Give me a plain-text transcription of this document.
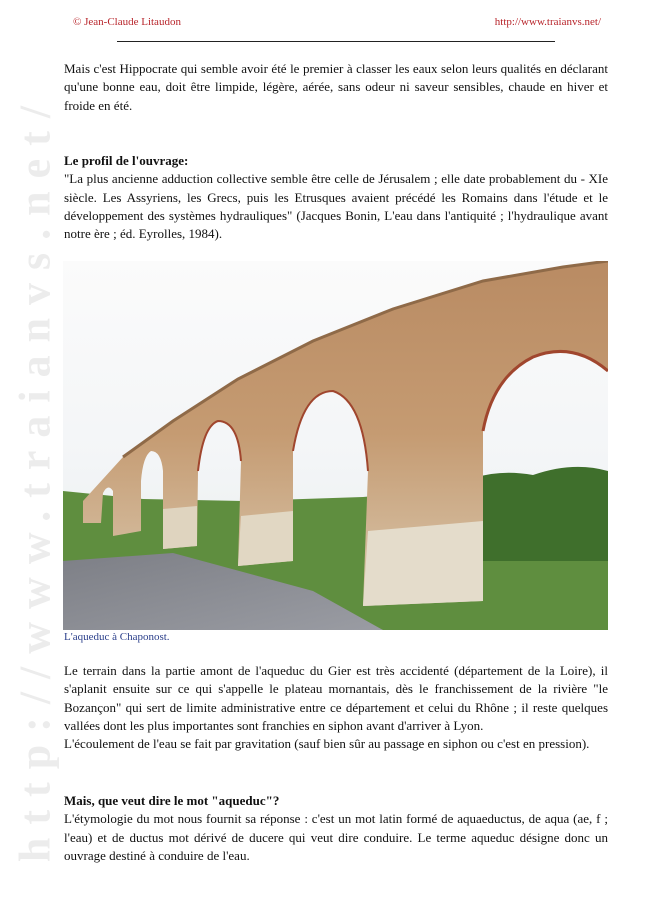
http://www.traianvs.net/
© Jean-Claude Litaudon	http://www.traianvs.net/

Mais c'est Hippocrate qui semble avoir été le premier à classer les eaux selon leurs qualités en déclarant qu'une bonne eau, doit être limpide, légère, aérée, sans odeur ni saveur sensibles, chaude en hiver et froide en été.

Le profil de l'ouvrage:

"La plus ancienne adduction collective semble être celle de Jérusalem ; elle date probablement du - XIe siècle. Les Assyriens, les Grecs, puis les Etrusques avaient précédé les Romains dans l'étude et le développement des systèmes hydrauliques" (Jacques Bonin, L'eau dans l'antiquité ; l'hydraulique avant notre ère ; éd. Eyrolles, 1984).

L'aqueduc à Chaponost.

Le terrain dans la partie amont de l'aqueduc du Gier est très accidenté (département de la Loire), il s'aplanit ensuite sur ce qui s'appelle le plateau mornantais, dès le franchissement de la rivière "le Bozançon" qui sert de limite administrative entre ce département et celui du Rhône ; il reste quelques vallées dont les plus importantes sont franchies en siphon avant d'arriver à Lyon.

L'écoulement de l'eau se fait par gravitation (sauf bien sûr au passage en siphon ou c'est en pression).

Mais, que veut dire le mot "aqueduc"?

L'étymologie du mot nous fournit sa réponse : c'est un mot latin formé de aquaeductus, de aqua (ae, f ; l'eau) et de ductus mot dérivé de ducere qui veut dire conduire. Le terme aqueduc désigne donc un ouvrage destiné à conduire de l'eau.
